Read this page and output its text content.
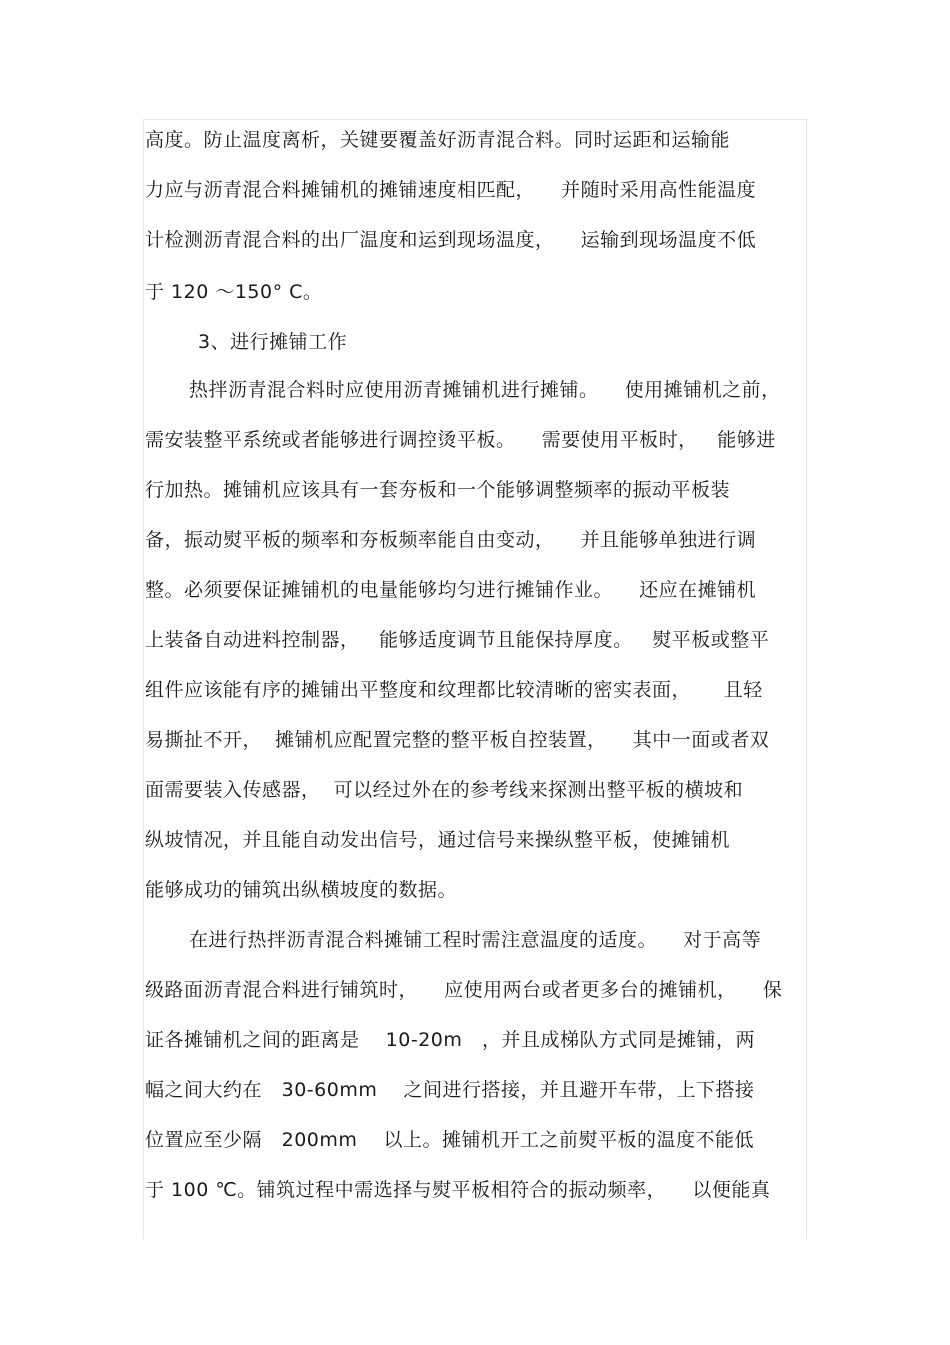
高度。防止温度离析，关键要覆盖好沥青混合料。同时运距和运输能
力应与沥青混合料摊铺机的摊铺速度相匹配，    并随时采用高性能温度
计检测沥青混合料的出厂温度和运到现场温度，    运输到现场温度不低
于 120 ～150° C。
3、进行摊铺工作
热拌沥青混合料时应使用沥青摊铺机进行摊铺。    使用摊铺机之前，
需安装整平系统或者能够进行调控烫平板。    需要使用平板时，   能够进
行加热。摊铺机应该具有一套夯板和一个能够调整频率的振动平板装
备，振动熨平板的频率和夯板频率能自由变动，    并且能够单独进行调
整。必须要保证摊铺机的电量能够均匀进行摊铺作业。    还应在摊铺机
上装备自动进料控制器，   能够适度调节且能保持厚度。   熨平板或整平
组件应该能有序的摊铺出平整度和纹理都比较清晰的密实表面，     且轻
易撕扯不开，  摊铺机应配置完整的整平板自控装置，    其中一面或者双
面需要装入传感器，  可以经过外在的参考线来探测出整平板的横坡和
纵坡情况，并且能自动发出信号，通过信号来操纵整平板，使摊铺机
能够成功的铺筑出纵横坡度的数据。
在进行热拌沥青混合料摊铺工程时需注意温度的适度。    对于高等
级路面沥青混合料进行铺筑时，    应使用两台或者更多台的摊铺机，    保
证各摊铺机之间的距离是    10-20m   ，并且成梯队方式同是摊铺，两
幅之间大约在   30-60mm    之间进行搭接，并且避开车带，上下搭接
位置应至少隔   200mm    以上。摊铺机开工之前熨平板的温度不能低
于 100 ℃。铺筑过程中需选择与熨平板相符合的振动频率，    以便能真
